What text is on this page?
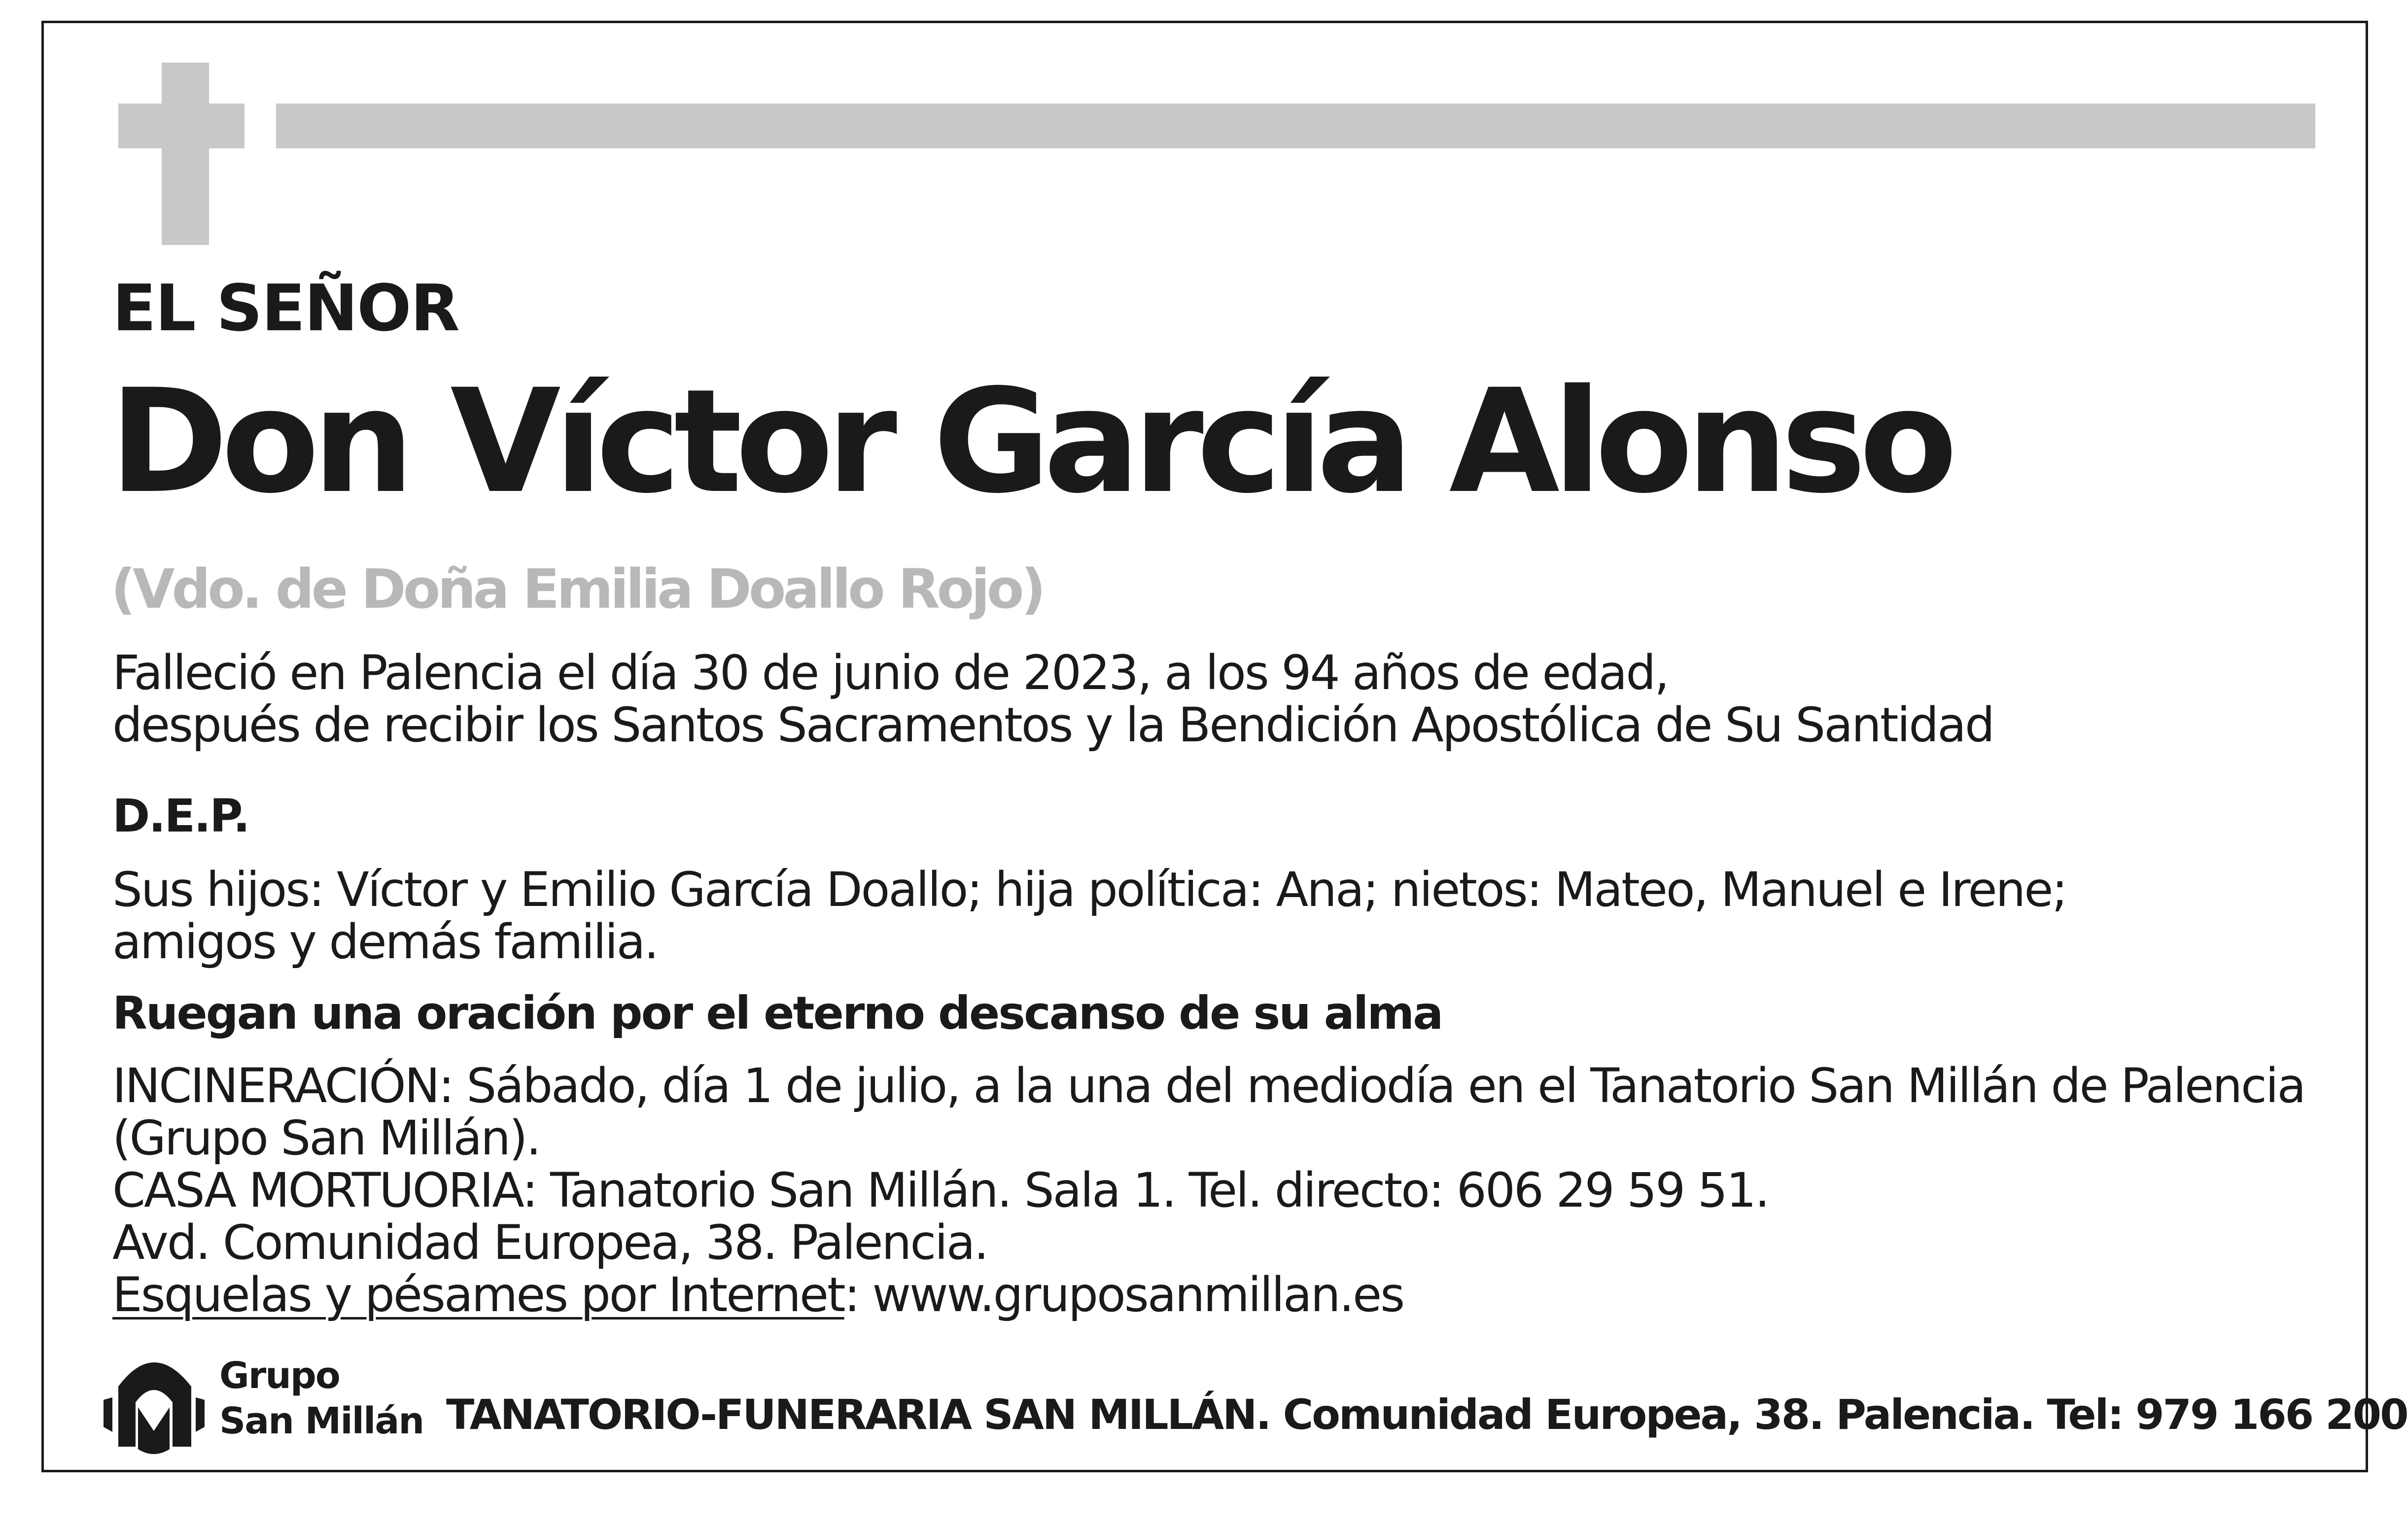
EL SEÑOR
Don Víctor García Alonso
(Vdo. de Doña Emilia Doallo Rojo)
Falleció en Palencia el día 30 de junio de 2023, a los 94 años de edad,
después de recibir los Santos Sacramentos y la Bendición Apostólica de Su Santidad
D.E.P.
Sus hijos: Víctor y Emilio García Doallo; hija política: Ana; nietos: Mateo, Manuel e Irene;
amigos y demás familia.
Ruegan una oración por el eterno descanso de su alma
INCINERACIÓN: Sábado, día 1 de julio, a la una del mediodía en el Tanatorio San Millán de Palencia
(Grupo San Millán).
CASA MORTUORIA: Tanatorio San Millán. Sala 1. Tel. directo: 606 29 59 51.
Avd. Comunidad Europea, 38. Palencia.
Esquelas y pésames por Internet: www.gruposanmillan.es
Grupo
San Millán TANATORIO-FUNERARIA SAN MILLÁN. Comunidad Europea, 38. Palencia. Tel: 979 166 200
